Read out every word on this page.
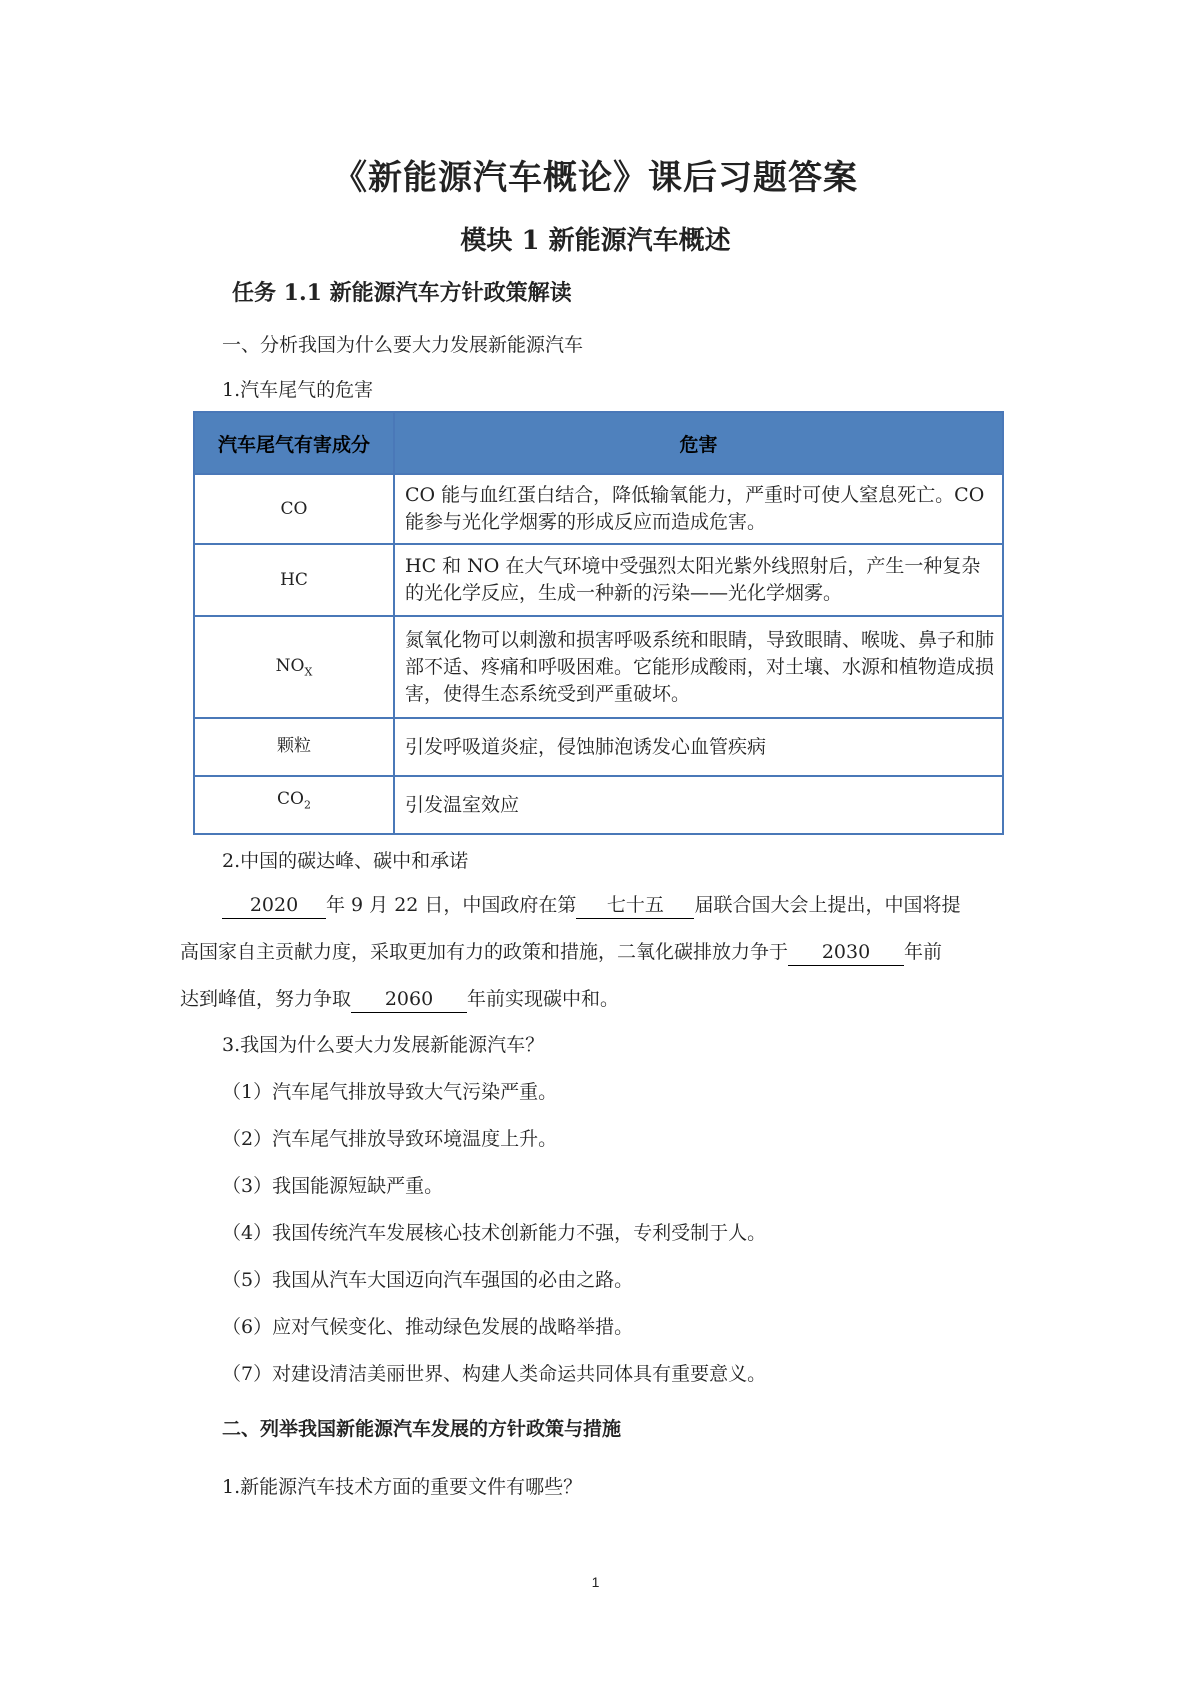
《新能源汽车概论》课后习题答案
模块 1 新能源汽车概述
任务 1.1 新能源汽车方针政策解读
一、分析我国为什么要大力发展新能源汽车
1.汽车尾气的危害
汽车尾气有害成分	危害
CO	CO 能与血红蛋白结合，降低输氧能力，严重时可使人窒息死亡。CO 能参与光化学烟雾的形成反应而造成危害。
HC	HC 和 NO 在大气环境中受强烈太阳光紫外线照射后，产生一种复杂的光化学反应，生成一种新的污染——光化学烟雾。
$NO_X$	氮氧化物可以刺激和损害呼吸系统和眼睛，导致眼睛、喉咙、鼻子和肺部不适、疼痛和呼吸困难。它能形成酸雨，对土壤、水源和植物造成损害，使得生态系统受到严重破坏。
颗粒	引发呼吸道炎症，侵蚀肺泡诱发心血管疾病
$CO_2$	引发温室效应
2.中国的碳达峰、碳中和承诺
2020 年 9 月 22 日，中国政府在第 七十五 届联合国大会上提出，中国将提
高国家自主贡献力度，采取更加有力的政策和措施，二氧化碳排放力争于 2030 年前
达到峰值，努力争取 2060 年前实现碳中和。
3.我国为什么要大力发展新能源汽车？
（1）汽车尾气排放导致大气污染严重。
（2）汽车尾气排放导致环境温度上升。
（3）我国能源短缺严重。
（4）我国传统汽车发展核心技术创新能力不强，专利受制于人。
（5）我国从汽车大国迈向汽车强国的必由之路。
（6）应对气候变化、推动绿色发展的战略举措。
（7）对建设清洁美丽世界、构建人类命运共同体具有重要意义。
二、列举我国新能源汽车发展的方针政策与措施
1.新能源汽车技术方面的重要文件有哪些？
1
